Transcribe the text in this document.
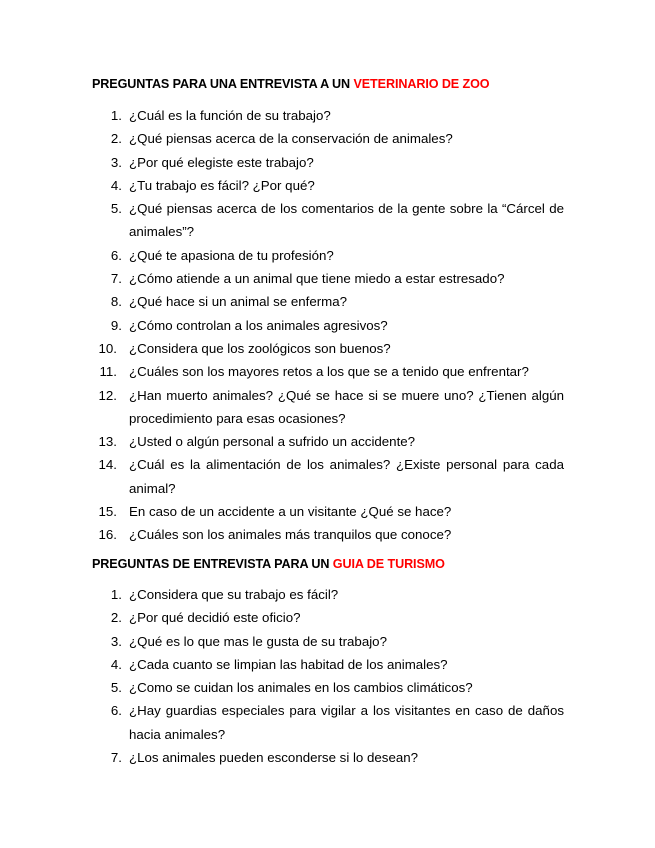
PREGUNTAS PARA UNA ENTREVISTA A UN VETERINARIO DE ZOO
1. ¿Cuál es la función de su trabajo?
2. ¿Qué piensas acerca de la conservación de animales?
3. ¿Por qué elegiste este trabajo?
4. ¿Tu trabajo es fácil? ¿Por qué?
5. ¿Qué piensas acerca de los comentarios de la gente sobre la “Cárcel de
animales”?
6. ¿Qué te apasiona de tu profesión?
7. ¿Cómo atiende a un animal que tiene miedo a estar estresado?
8. ¿Qué hace si un animal se enferma?
9. ¿Cómo controlan a los animales agresivos?
10. ¿Considera que los zoológicos son buenos?
11. ¿Cuáles son los mayores retos a los que se a tenido que enfrentar?
12. ¿Han muerto animales? ¿Qué se hace si se muere uno? ¿Tienen algún
procedimiento para esas ocasiones?
13. ¿Usted o algún personal a sufrido un accidente?
14. ¿Cuál es la alimentación de los animales? ¿Existe personal para cada
animal?
15. En caso de un accidente a un visitante ¿Qué se hace?
16. ¿Cuáles son los animales más tranquilos que conoce?
PREGUNTAS DE ENTREVISTA PARA UN GUIA DE TURISMO
1. ¿Considera que su trabajo es fácil?
2. ¿Por qué decidió este oficio?
3. ¿Qué es lo que mas le gusta de su trabajo?
4. ¿Cada cuanto se limpian las habitad de los animales?
5. ¿Como se cuidan los animales en los cambios climáticos?
6. ¿Hay guardias especiales para vigilar a los visitantes en caso de daños
hacia animales?
7. ¿Los animales pueden esconderse si lo desean?
